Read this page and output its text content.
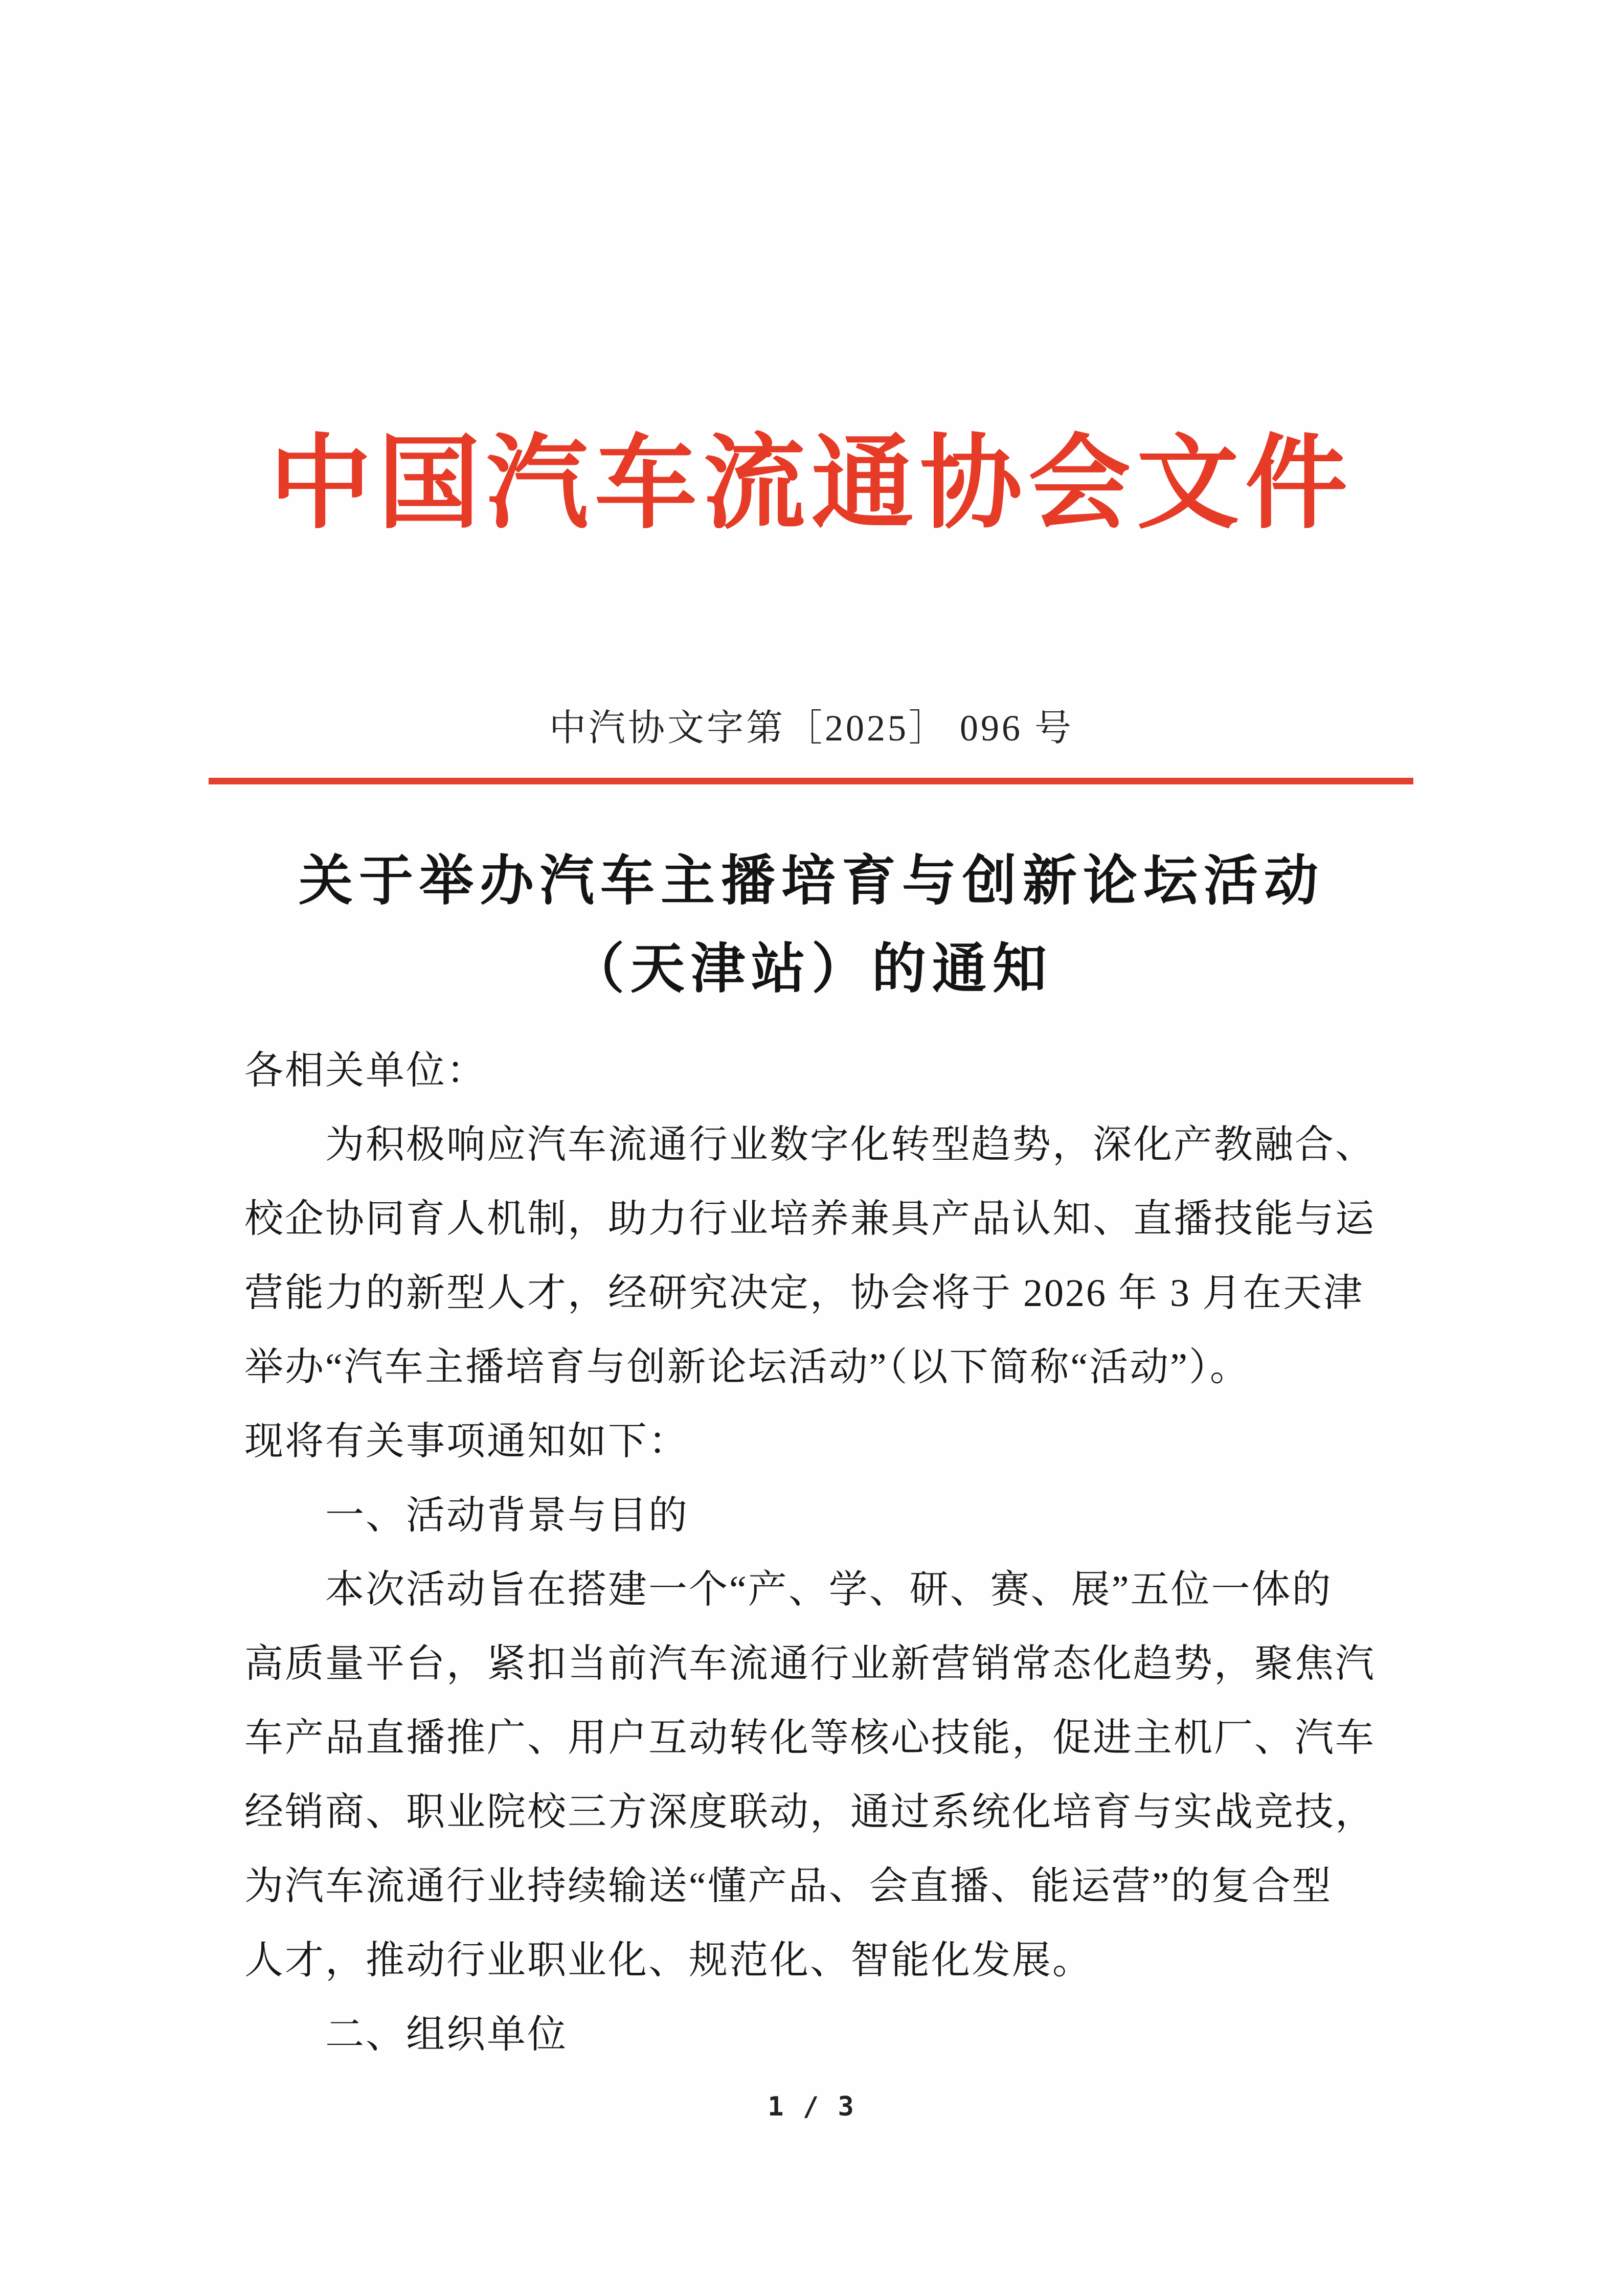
中国汽车流通协会文件
中汽协文字第［2025］ 096 号
关于举办汽车主播培育与创新论坛活动
（天津站）的通知
各相关单位：
为积极响应汽车流通行业数字化转型趋势，深化产教融合、
校企协同育人机制，助力行业培养兼具产品认知、直播技能与运
营能力的新型人才，经研究决定，协会将于 2026 年 3 月在天津
举办“汽车主播培育与创新论坛活动”（以下简称“活动”）。
现将有关事项通知如下：
一、活动背景与目的
本次活动旨在搭建一个“产、学、研、赛、展”五位一体的
高质量平台，紧扣当前汽车流通行业新营销常态化趋势，聚焦汽
车产品直播推广、用户互动转化等核心技能，促进主机厂、汽车
经销商、职业院校三方深度联动，通过系统化培育与实战竞技，
为汽车流通行业持续输送“懂产品、会直播、能运营”的复合型
人才，推动行业职业化、规范化、智能化发展。
二、组织单位
1 / 3
